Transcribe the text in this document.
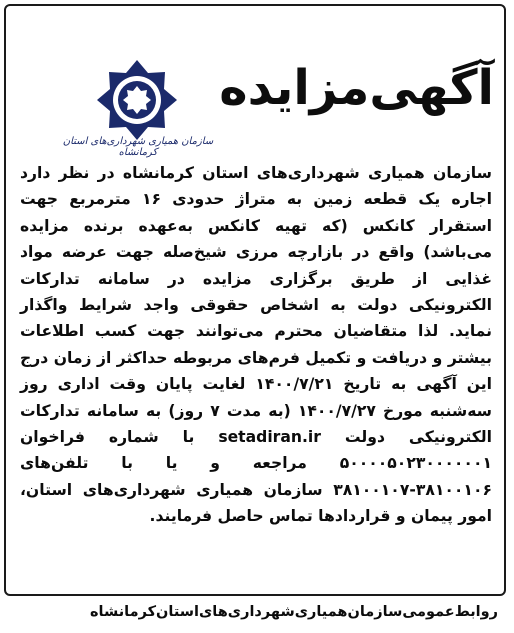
سازمان همیاری شهرداری‌های استان کرمانشاه
آگهی‌مزایده

سازمان همیاری شهرداری‌های استان کرمانشاه در نظر دارد اجاره یک قطعه زمین به متراژ حدودی ۱۶ مترمربع جهت استقرار کانکس (که تهیه کانکس به‌عهده برنده مزایده می‌باشد) واقع در بازارچه مرزی شیخ‌صله جهت عرضه مواد غذایی از طریق برگزاری مزایده در سامانه تدارکات الکترونیکی دولت به اشخاص حقوقی واجد شرایط واگذار نماید. لذا متقاضیان محترم می‌توانند جهت کسب اطلاعات بیشتر و دریافت و تکمیل فرم‌های مربوطه حداکثر از زمان درج این آگهی به تاریخ ۱۴۰۰/۷/۲۱ لغایت پایان وقت اداری روز سه‌شنبه مورخ ۱۴۰۰/۷/۲۷ (به مدت ۷ روز) به سامانه تدارکات الکترونیکی دولت setadiran.ir با شماره فراخوان ۵۰۰۰۰۵۰۲۳۰۰۰۰۰۰۱ مراجعه و یا با تلفن‌های ۳۸۱۰۰۱۰۶-۳۸۱۰۰۱۰۷ سازمان همیاری شهرداری‌های استان، امور پیمان و قراردادها تماس حاصل فرمایند.

روابط‌عمومی‌سازمان‌همیاری‌شهرداری‌های‌استان‌کرمانشاه
